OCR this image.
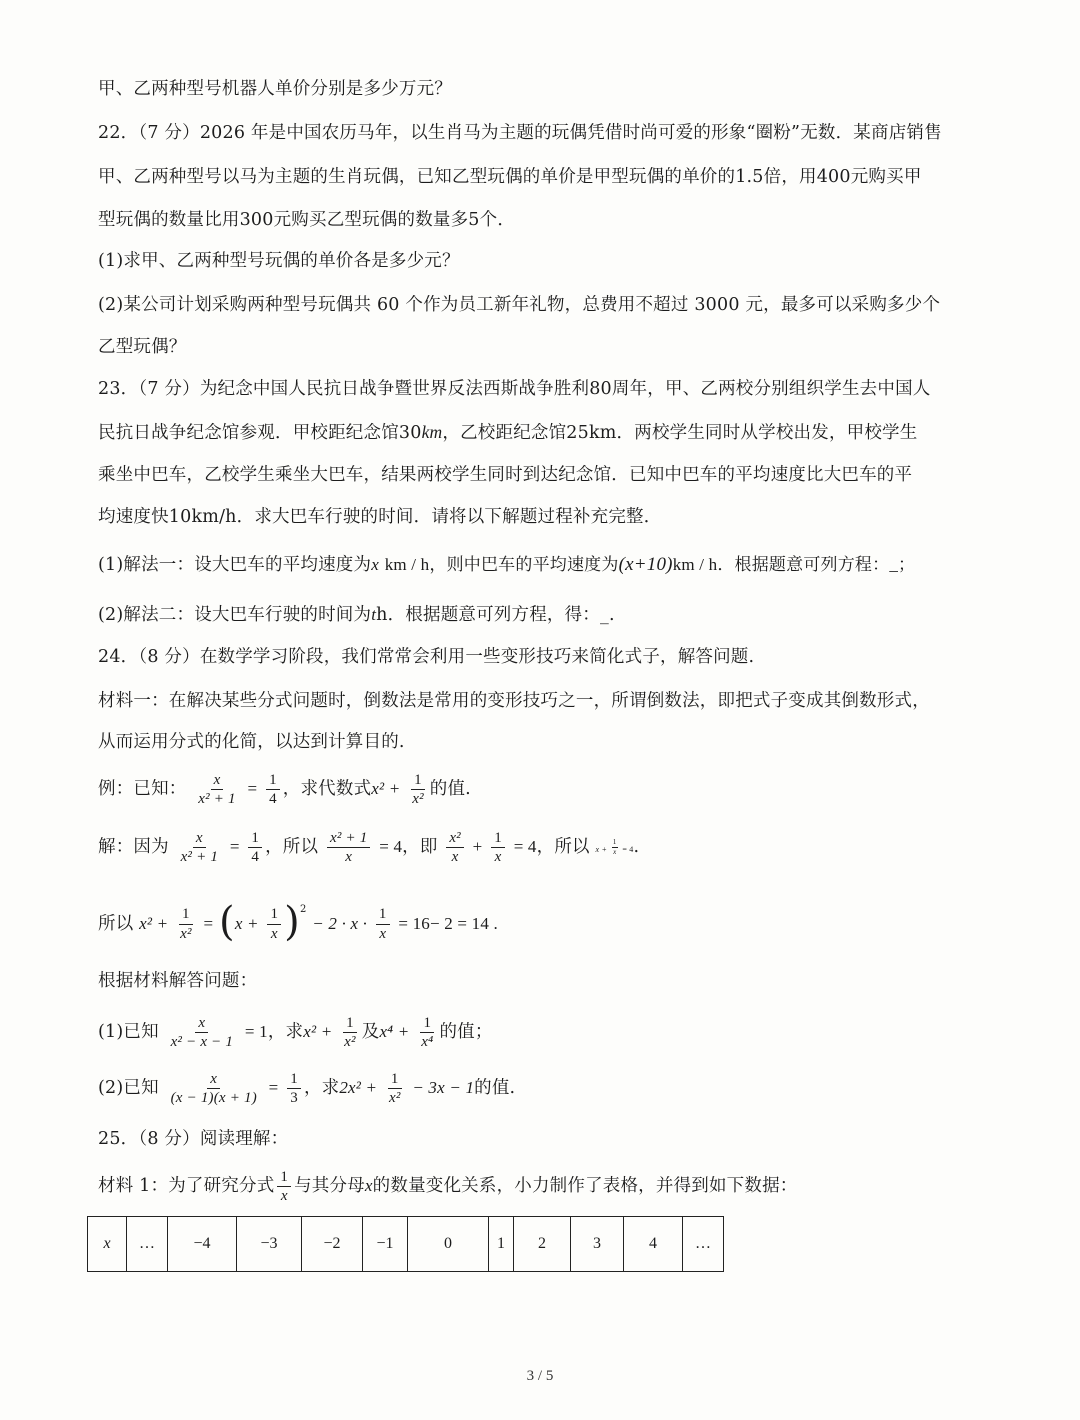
甲、乙两种型号机器人单价分别是多少万元？
22．（7 分）2026 年是中国农历马年，以生肖马为主题的玩偶凭借时尚可爱的形象“圈粉”无数．某商店销售
甲、乙两种型号以马为主题的生肖玩偶，已知乙型玩偶的单价是甲型玩偶的单价的1.5倍，用400元购买甲
型玩偶的数量比用300元购买乙型玩偶的数量多5个．
(1)求甲、乙两种型号玩偶的单价各是多少元？
(2)某公司计划采购两种型号玩偶共 60 个作为员工新年礼物，总费用不超过 3000 元，最多可以采购多少个
乙型玩偶？
23．（7 分）为纪念中国人民抗日战争暨世界反法西斯战争胜利80周年，甲、乙两校分别组织学生去中国人
民抗日战争纪念馆参观．甲校距纪念馆30km，乙校距纪念馆25km．两校学生同时从学校出发，甲校学生
乘坐中巴车，乙校学生乘坐大巴车，结果两校学生同时到达纪念馆．已知中巴车的平均速度比大巴车的平
均速度快10km/h．求大巴车行驶的时间．请将以下解题过程补充完整．
(1)解法一：设大巴车的平均速度为x km / h，则中巴车的平均速度为(x+10)km / h．根据题意可列方程：_；
(2)解法二：设大巴车行驶的时间为th．根据题意可列方程，得：_.
24．（8 分）在数学学习阶段，我们常常会利用一些变形技巧来简化式子，解答问题.
材料一：在解决某些分式问题时，倒数法是常用的变形技巧之一，所谓倒数法，即把式子变成其倒数形式，
从而运用分式的化简，以达到计算目的.
例：已知： $\frac{x}{\text{x² + 1}} = \frac{1}{4}$ ，求代数式$x^2 + \frac{1}{\text{x²}}$ 的值.
解：因为 $\frac{x}{\text{x² + 1}} = \frac{1}{4}$ ，所以 $\frac{\text{x² + 1}}{x} = 4$，即 $\frac{\text{x²}}{x} + \frac{1}{x} = 4$，所以 $x + \frac{1}{x} = 4$.
所以 $x^2 + \frac{1}{\text{x²}} = (x + \frac{1}{x} )^2 - 2 \cdot x \cdot \frac{1}{x} = 16- 2 = 14$ .
根据材料解答问题：
(1)已知 $\frac{x}{\text{x² − x − 1}} = 1$，求$x^2 + \frac{1}{\text{x²}}$ 及$x^4 + \frac{1}{\text{x⁴}}$ 的值；
(2)已知 $\frac{x}{(x - 1)(x + 1)} = \frac{1}{3}$ ，求$2x^2 + \frac{1}{\text{x²}} - 3x - 1$的值.
25．（8 分）阅读理解：
材料 1：为了研究分式 $\frac{1}{x}$ 与其分母x的数量变化关系，小力制作了表格，并得到如下数据：
x	…	−4	−3	−2	−1	0	1	2	3	4	…
3 / 5
